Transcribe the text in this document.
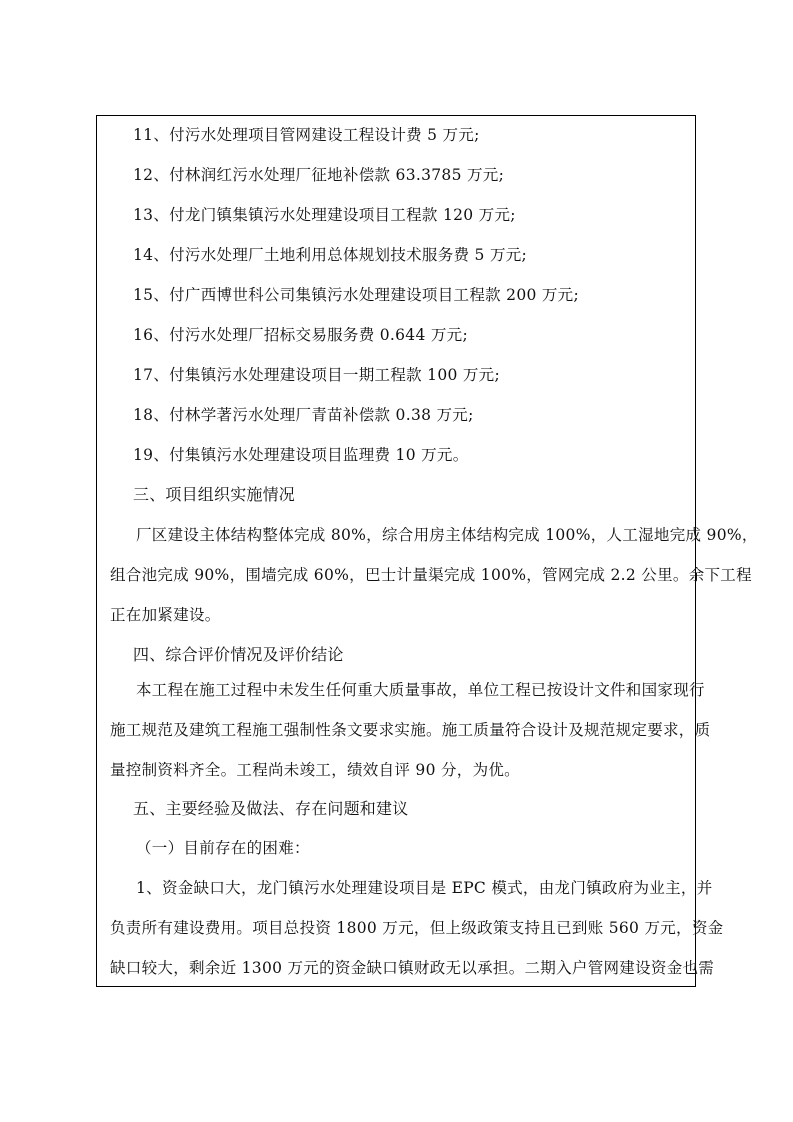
11、付污水处理项目管网建设工程设计费 5 万元;
12、付林润红污水处理厂征地补偿款 63.3785 万元;
13、付龙门镇集镇污水处理建设项目工程款 120 万元;
14、付污水处理厂土地利用总体规划技术服务费 5 万元;
15、付广西博世科公司集镇污水处理建设项目工程款 200 万元;
16、付污水处理厂招标交易服务费 0.644 万元;
17、付集镇污水处理建设项目一期工程款 100 万元;
18、付林学著污水处理厂青苗补偿款 0.38 万元;
19、付集镇污水处理建设项目监理费 10 万元。
三、项目组织实施情况
厂区建设主体结构整体完成 80%，综合用房主体结构完成 100%，人工湿地完成 90%，
组合池完成 90%，围墙完成 60%，巴士计量渠完成 100%，管网完成 2.2 公里。余下工程
正在加紧建设。
四、综合评价情况及评价结论
本工程在施工过程中未发生任何重大质量事故，单位工程已按设计文件和国家现行
施工规范及建筑工程施工强制性条文要求实施。施工质量符合设计及规范规定要求，质
量控制资料齐全。工程尚未竣工，绩效自评 90 分，为优。
五、主要经验及做法、存在问题和建议
（一）目前存在的困难：
1、资金缺口大，龙门镇污水处理建设项目是 EPC 模式，由龙门镇政府为业主，并
负责所有建设费用。项目总投资 1800 万元，但上级政策支持且已到账 560 万元，资金
缺口较大，剩余近 1300 万元的资金缺口镇财政无以承担。二期入户管网建设资金也需
